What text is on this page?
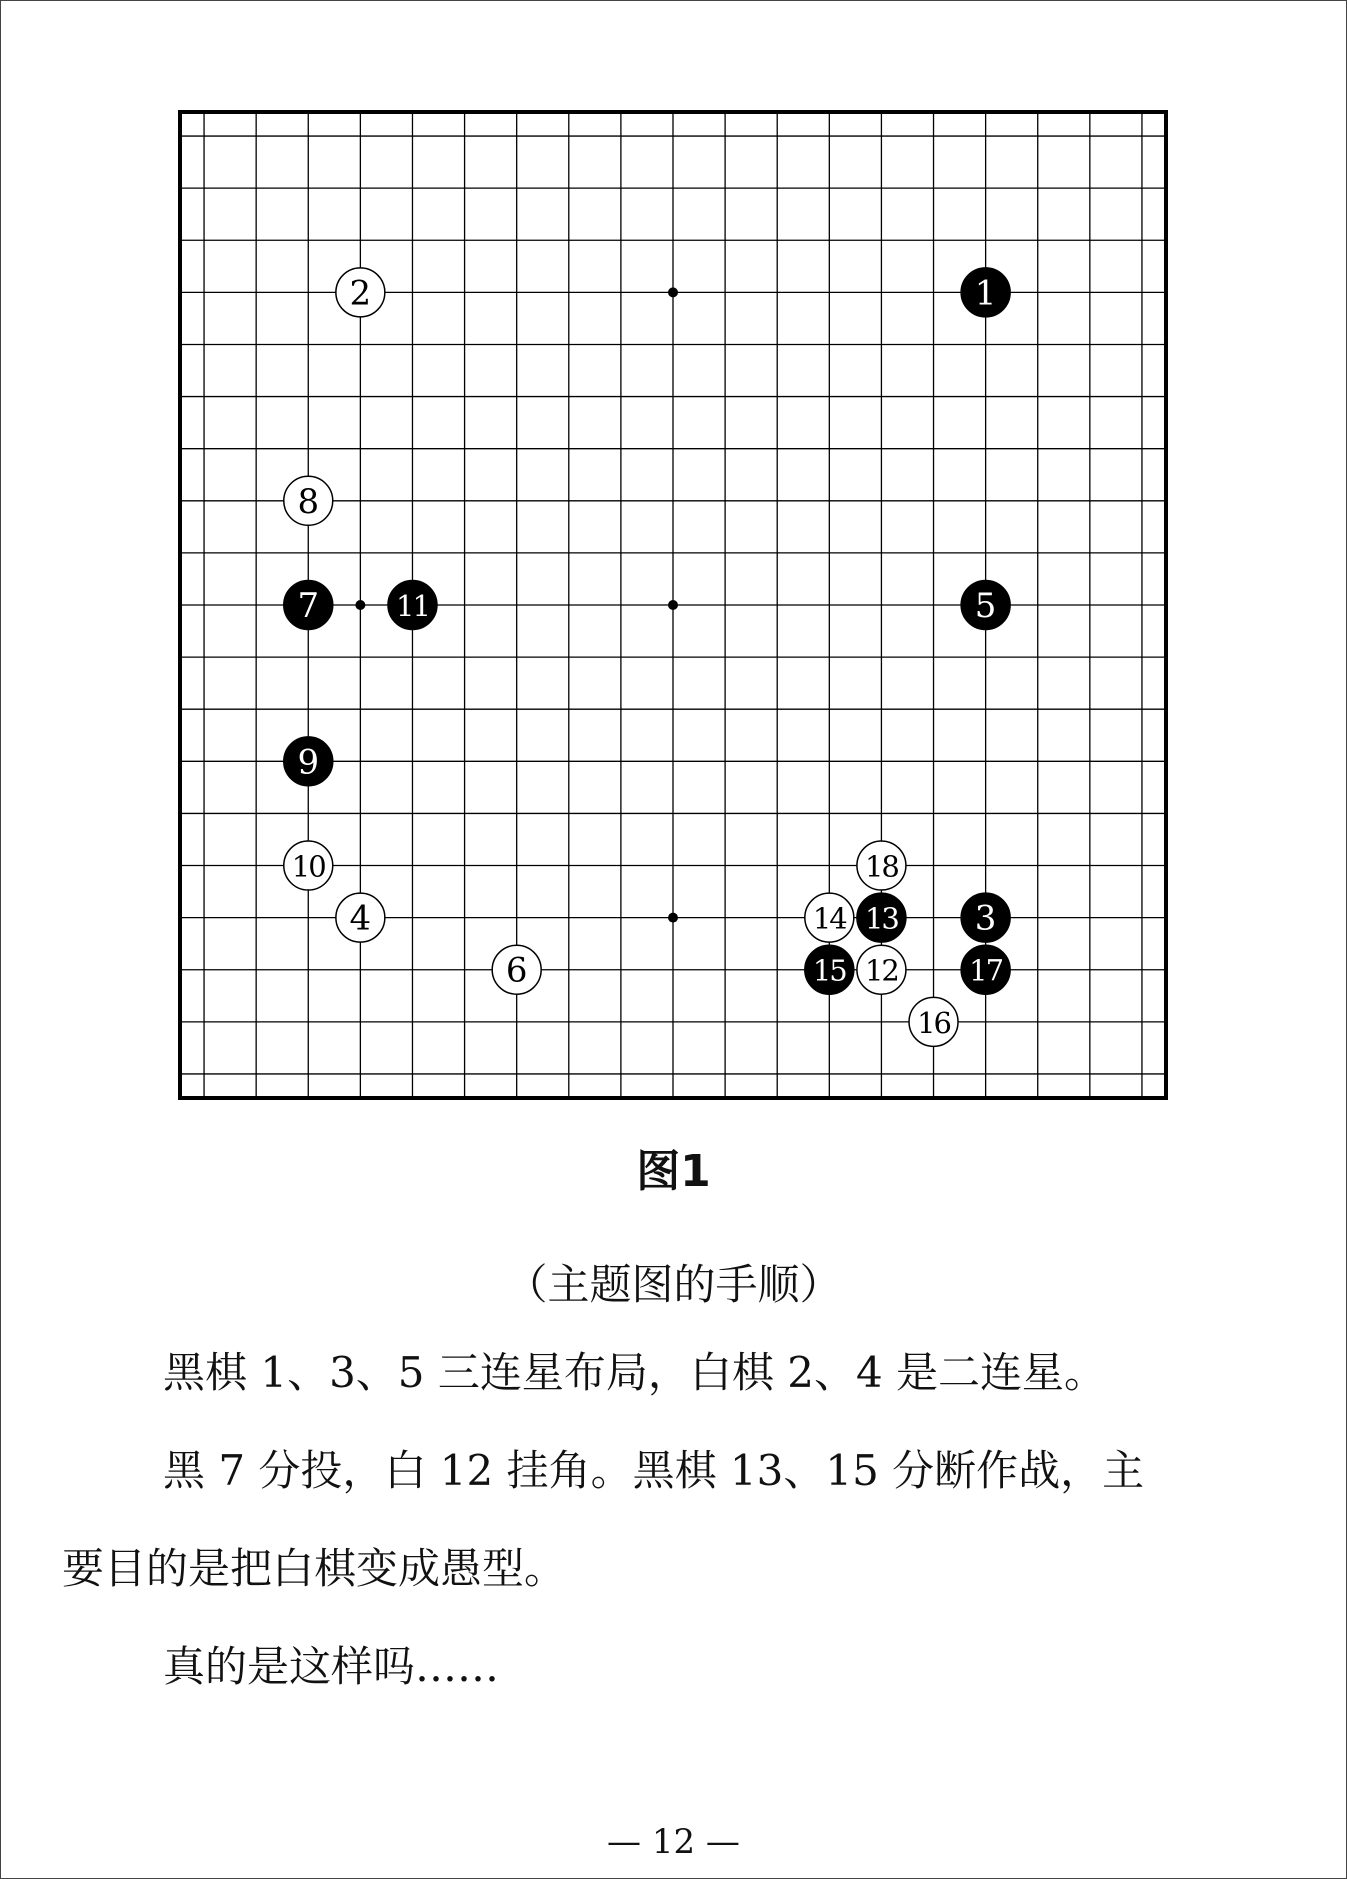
1
2
3
4
5
6
7
8
9
10
11
12
13
14
15
16
17
18
图1
（主题图的手顺）
黑棋 1、3、5 三连星布局，白棋 2、4 是二连星。
黑 7 分投，白 12 挂角。黑棋 13、15 分断作战，主
要目的是把白棋变成愚型。
真的是这样吗……
— 12 —
